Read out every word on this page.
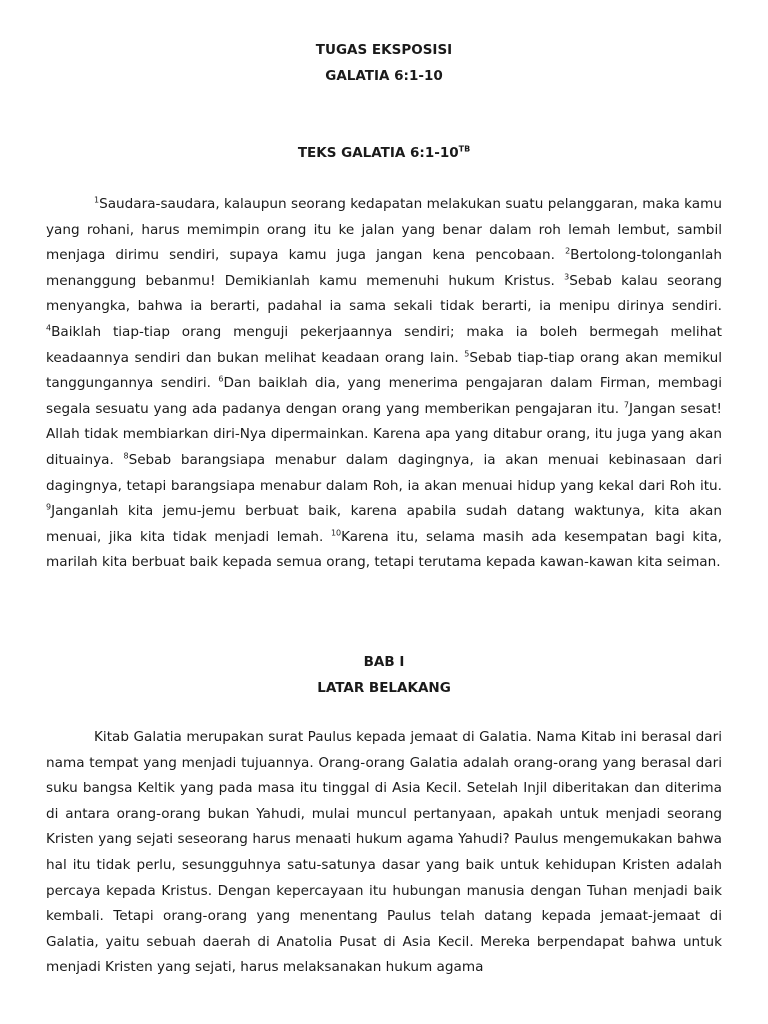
TUGAS EKSPOSISI
GALATIA 6:1-10
TEKS GALATIA $6:1-10^{TB}$
$^1$Saudara-saudara, kalaupun seorang kedapatan melakukan suatu pelanggaran, maka kamu yang rohani, harus memimpin orang itu ke jalan yang benar dalam roh lemah lembut, sambil menjaga dirimu sendiri, supaya kamu juga jangan kena pencobaan. $^2$Bertolong-tolonganlah menanggung bebanmu! Demikianlah kamu memenuhi hukum Kristus. $^3$Sebab kalau seorang menyangka, bahwa ia berarti, padahal ia sama sekali tidak berarti, ia menipu dirinya sendiri. $^4$Baiklah tiap-tiap orang menguji pekerjaannya sendiri; maka ia boleh bermegah melihat keadaannya sendiri dan bukan melihat keadaan orang lain. $^5$Sebab tiap-tiap orang akan memikul tanggungannya sendiri. $^6$Dan baiklah dia, yang menerima pengajaran dalam Firman, membagi segala sesuatu yang ada padanya dengan orang yang memberikan pengajaran itu. $^7$Jangan sesat! Allah tidak membiarkan diri-Nya dipermainkan. Karena apa yang ditabur orang, itu juga yang akan dituainya. $^8$Sebab barangsiapa menabur dalam dagingnya, ia akan menuai kebinasaan dari dagingnya, tetapi barangsiapa menabur dalam Roh, ia akan menuai hidup yang kekal dari Roh itu. $^9$Janganlah kita jemu-jemu berbuat baik, karena apabila sudah datang waktunya, kita akan menuai, jika kita tidak menjadi lemah. $^{10}$Karena itu, selama masih ada kesempatan bagi kita, marilah kita berbuat baik kepada semua orang, tetapi terutama kepada kawan-kawan kita seiman.
BAB I
LATAR BELAKANG
Kitab Galatia merupakan surat Paulus kepada jemaat di Galatia. Nama Kitab ini berasal dari nama tempat yang menjadi tujuannya. Orang-orang Galatia adalah orang-orang yang berasal dari suku bangsa Keltik yang pada masa itu tinggal di Asia Kecil. Setelah Injil diberitakan dan diterima di antara orang-orang bukan Yahudi, mulai muncul pertanyaan, apakah untuk menjadi seorang Kristen yang sejati seseorang harus menaati hukum agama Yahudi? Paulus mengemukakan bahwa hal itu tidak perlu, sesungguhnya satu-satunya dasar yang baik untuk kehidupan Kristen adalah percaya kepada Kristus. Dengan kepercayaan itu hubungan manusia dengan Tuhan menjadi baik kembali. Tetapi orang-orang yang menentang Paulus telah datang kepada jemaat-jemaat di Galatia, yaitu sebuah daerah di Anatolia Pusat di Asia Kecil. Mereka berpendapat bahwa untuk menjadi Kristen yang sejati, harus melaksanakan hukum agama
